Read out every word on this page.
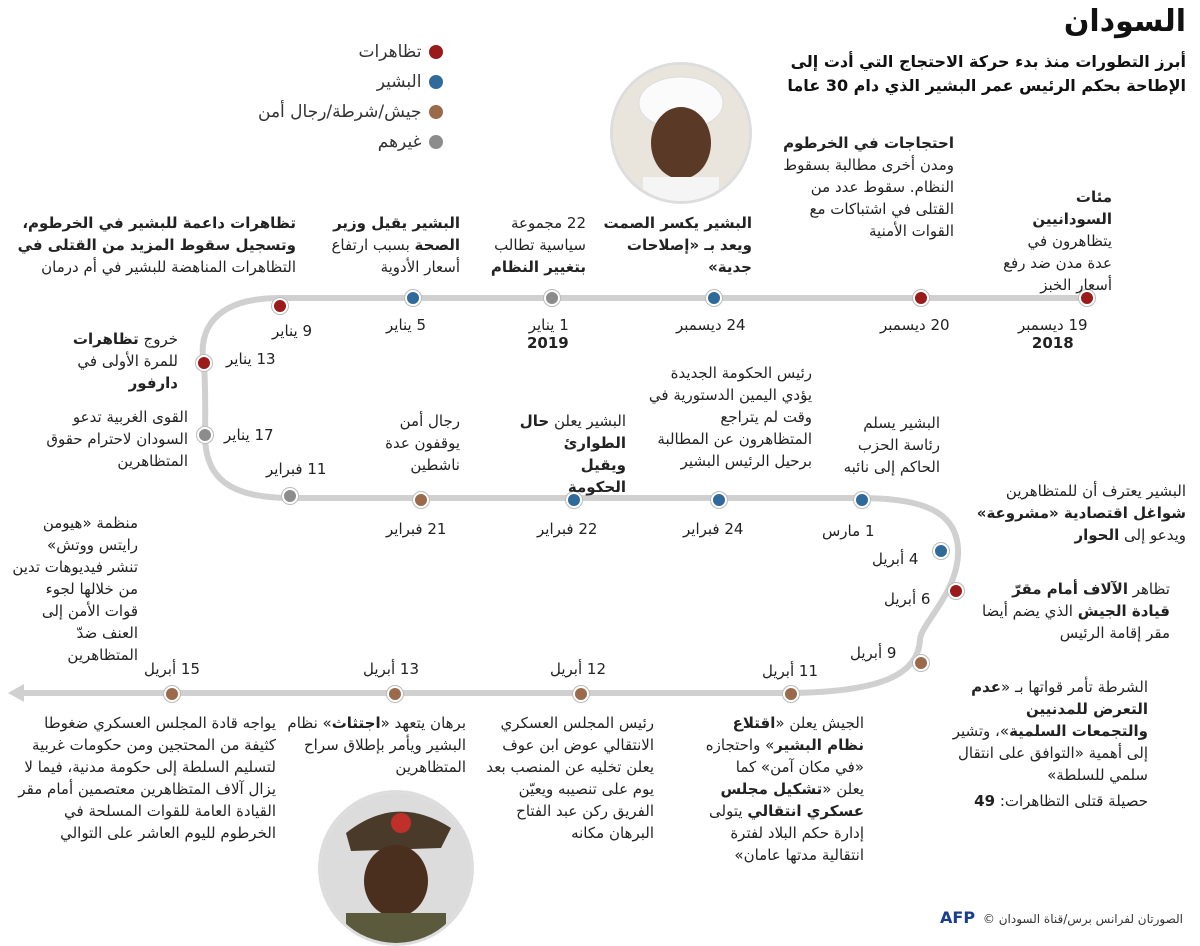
السودان
أبرز التطورات منذ بدء حركة الاحتجاج التي أدت إلى الإطاحة بحكم الرئيس عمر البشير الذي دام 30 عاما
تظاهرات
البشير
جيش/شرطة/رجال أمن
غيرهم
19 ديسمبر
2018
20 ديسمبر
24 ديسمبر
1 يناير
2019
5 يناير
9 يناير
13 يناير
17 يناير
11 فبراير
21 فبراير	22 فبراير	24 فبراير	1 مارس
4 أبريل
6 أبريل
9 أبريل
11 أبريل
12 أبريل
13 أبريل
15 أبريل
مئات السودانيين يتظاهرون في عدة مدن ضد رفع أسعار الخبز
احتجاجات في الخرطوم ومدن أخرى مطالبة بسقوط النظام. سقوط عدد من القتلى في اشتباكات مع القوات الأمنية
البشير يكسر الصمت ويعد بـ «إصلاحات جدية»
22 مجموعة سياسية تطالب بتغيير النظام
البشير يقيل وزير الصحة بسبب ارتفاع أسعار الأدوية
تظاهرات داعمة للبشير في الخرطوم، وتسجيل سقوط المزيد من القتلى في التظاهرات المناهضة للبشير في أم درمان
خروج تظاهرات للمرة الأولى في دارفور
القوى الغربية تدعو السودان لاحترام حقوق المتظاهرين
رجال أمن يوقفون عدة ناشطين
البشير يعلن حال الطوارئ ويقيل الحكومة
رئيس الحكومة الجديدة يؤدي اليمين الدستورية في وقت لم يتراجع المتظاهرون عن المطالبة برحيل الرئيس البشير
البشير يسلم رئاسة الحزب الحاكم إلى نائبه
منظمة «هيومن رايتس ووتش» تنشر فيديوهات تدين من خلالها لجوء قوات الأمن إلى العنف ضدّ المتظاهرين
البشير يعترف أن للمتظاهرين شواغل اقتصادية «مشروعة» ويدعو إلى الحوار
تظاهر الآلاف أمام مقرّ قيادة الجيش الذي يضم أيضا مقر إقامة الرئيس
الشرطة تأمر قواتها بـ «عدم التعرض للمدنيين والتجمعات السلمية»، وتشير إلى أهمية «التوافق على انتقال سلمي للسلطة»
حصيلة قتلى التظاهرات: 49
الجيش يعلن «اقتلاع نظام البشير» واحتجازه «في مكان آمن» كما يعلن «تشكيل مجلس عسكري انتقالي يتولى إدارة حكم البلاد لفترة انتقالية مدتها عامان»
رئيس المجلس العسكري الانتقالي عوض ابن عوف يعلن تخليه عن المنصب بعد يوم على تنصيبه ويعيّن الفريق ركن عبد الفتاح البرهان مكانه
برهان يتعهد «اجتثاث» نظام البشير ويأمر بإطلاق سراح المتظاهرين
يواجه قادة المجلس العسكري ضغوطا كثيفة من المحتجين ومن حكومات غربية لتسليم السلطة إلى حكومة مدنية، فيما لا يزال آلاف المتظاهرين معتصمين أمام مقر القيادة العامة للقوات المسلحة في الخرطوم لليوم العاشر على التوالي
AFP © الصورتان لفرانس برس/قناة السودان
